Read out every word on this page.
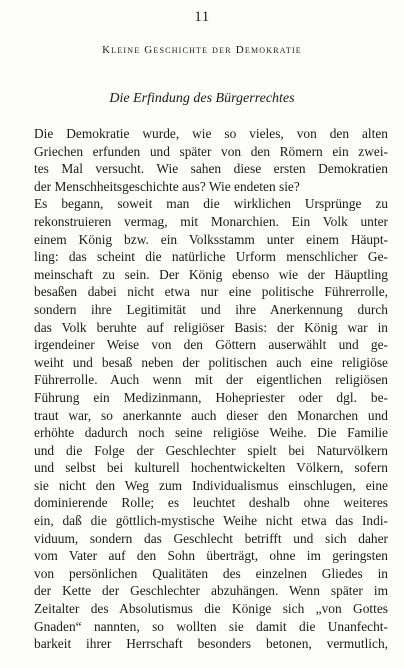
11
Kleine Geschichte der Demokratie
Die Erfindung des Bürgerrechtes
Die Demokratie wurde, wie so vieles, von den alten
Griechen erfunden und später von den Römern ein zwei-
tes Mal versucht. Wie sahen diese ersten Demokratien
der Menschheitsgeschichte aus? Wie endeten sie?
Es begann, soweit man die wirklichen Ursprünge zu
rekonstruieren vermag, mit Monarchien. Ein Volk unter
einem König bzw. ein Volksstamm unter einem Häupt-
ling: das scheint die natürliche Urform menschlicher Ge-
meinschaft zu sein. Der König ebenso wie der Häuptling
besaßen dabei nicht etwa nur eine politische Führerrolle,
sondern ihre Legitimität und ihre Anerkennung durch
das Volk beruhte auf religiöser Basis: der König war in
irgendeiner Weise von den Göttern auserwählt und ge-
weiht und besaß neben der politischen auch eine religiöse
Führerrolle. Auch wenn mit der eigentlichen religiösen
Führung ein Medizinmann, Hohepriester oder dgl. be-
traut war, so anerkannte auch dieser den Monarchen und
erhöhte dadurch noch seine religiöse Weihe. Die Familie
und die Folge der Geschlechter spielt bei Naturvölkern
und selbst bei kulturell hochentwickelten Völkern, sofern
sie nicht den Weg zum Individualismus einschlugen, eine
dominierende Rolle; es leuchtet deshalb ohne weiteres
ein, daß die göttlich-mystische Weihe nicht etwa das Indi-
viduum, sondern das Geschlecht betrifft und sich daher
vom Vater auf den Sohn überträgt, ohne im geringsten
von persönlichen Qualitäten des einzelnen Gliedes in
der Kette der Geschlechter abzuhängen. Wenn später im
Zeitalter des Absolutismus die Könige sich „von Gottes
Gnaden“ nannten, so wollten sie damit die Unanfecht-
barkeit ihrer Herrschaft besonders betonen, vermutlich,
